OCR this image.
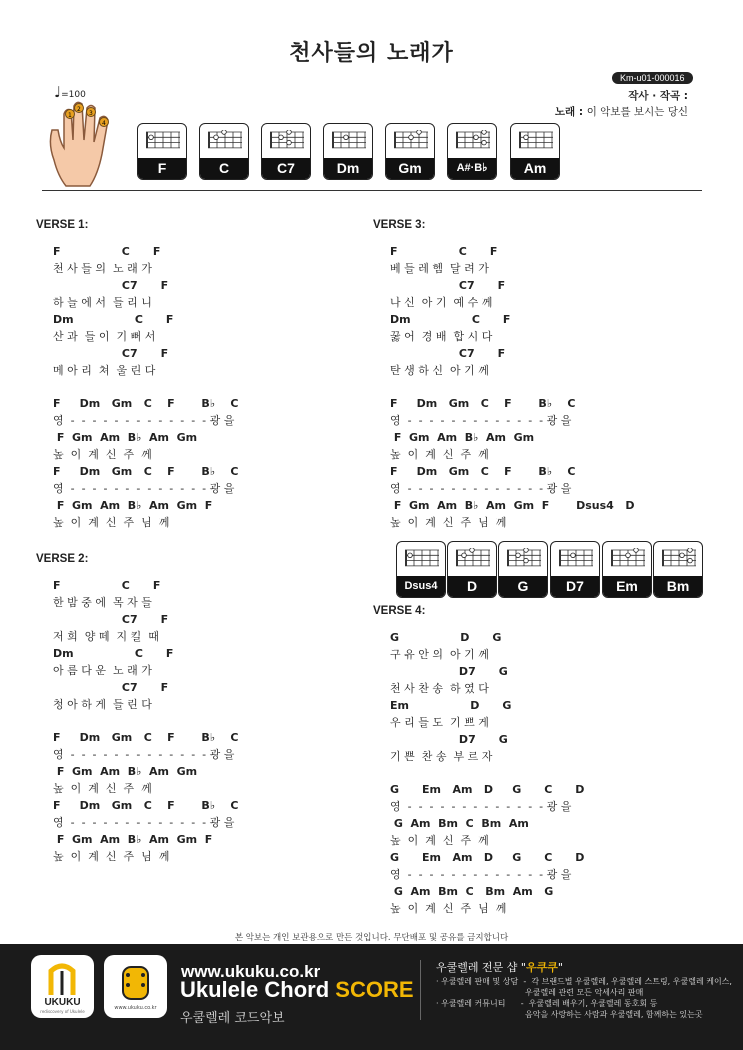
천사들의 노래가
Km-u01-000016
작사 · 작곡 :
노래 : 이 악보를 보시는 당신
♩=100
1
2
3
4
F	C	C7	Dm	Gm	A#·B♭	Am
VERSE 1:
F                C      F
천 사 들 의  노 래 가
C7      F
하 늘 에 서  들 리 니
Dm                C      F
산 과  들 이  기 뻐 서
C7      F
메 아 리  쳐  울 린 다
F     Dm   Gm   C    F       B♭    C
영  -  -  -  -  -  -  -  -  -  -  -  -  - 광 을
F  Gm  Am  B♭  Am  Gm
높  이  계  신  주  께
F     Dm   Gm   C    F       B♭    C
영  -  -  -  -  -  -  -  -  -  -  -  -  - 광 을
F  Gm  Am  B♭  Am  Gm  F
높  이  계  신  주  님  께
VERSE 2:
F                C      F
한 밤 중 에  목 자 들
C7      F
저 희  양 떼  지 킬  때
Dm                C      F
아 름 다 운  노 래 가
C7      F
청 아 하 게  들 린 다
F     Dm   Gm   C    F       B♭    C
영  -  -  -  -  -  -  -  -  -  -  -  -  - 광 을
F  Gm  Am  B♭  Am  Gm
높  이  계  신  주  께
F     Dm   Gm   C    F       B♭    C
영  -  -  -  -  -  -  -  -  -  -  -  -  - 광 을
F  Gm  Am  B♭  Am  Gm  F
높  이  계  신  주  님  께
VERSE 3:
F                C      F
베 들 레 헴  달 려 가
C7      F
나 신  아 기  예 수 께
Dm                C      F
꿇 어  경 배  합 시 다
C7      F
탄 생 하 신  아 기 께
F     Dm   Gm   C    F       B♭    C
영  -  -  -  -  -  -  -  -  -  -  -  -  - 광 을
F  Gm  Am  B♭  Am  Gm
높  이  계  신  주  께
F     Dm   Gm   C    F       B♭    C
영  -  -  -  -  -  -  -  -  -  -  -  -  - 광 을
F  Gm  Am  B♭  Am  Gm  F       Dsus4   D
높  이  계  신  주  님  께
Dsus4	D	G	D7	Em	Bm
VERSE 4:
G                D      G
구 유 안 의  아 기 께
D7      G
천 사 찬 송  하 였 다
Em                D      G
우 리 들 도  기 쁘 게
D7      G
기 쁜  찬 송  부 르 자
G      Em   Am   D     G      C      D
영  -  -  -  -  -  -  -  -  -  -  -  -  - 광 을
G  Am  Bm  C  Bm  Am
높  이  계  신  주  께
G      Em   Am   D     G      C      D
영  -  -  -  -  -  -  -  -  -  -  -  -  - 광 을
G  Am  Bm  C   Bm  Am   G
높  이  계  신  주  님  께
본 악보는 개인 보관용으로 만든 것입니다. 무단배포 및 공유를 금지합니다
UKUKU
rediscovery of Ukulele
www.ukuku.co.kr
www.ukuku.co.kr
Ukulele Chord SCORE
우쿨렐레 코드악보
우쿨렐레 전문 샵 "우쿠쿠"
· 우쿨렐레 판매 및 상담  -  각 브랜드별 우쿨렐레, 우쿨렐레 스트링, 우쿨렐레 케이스,
우쿨렐레 관련 모든 악세사리 판매
· 우쿨렐레 커뮤니티      -  우쿨렐레 배우기, 우쿨렐레 동호회 등
음악을 사랑하는 사람과 우쿨렐레, 함께하는 있는곳
